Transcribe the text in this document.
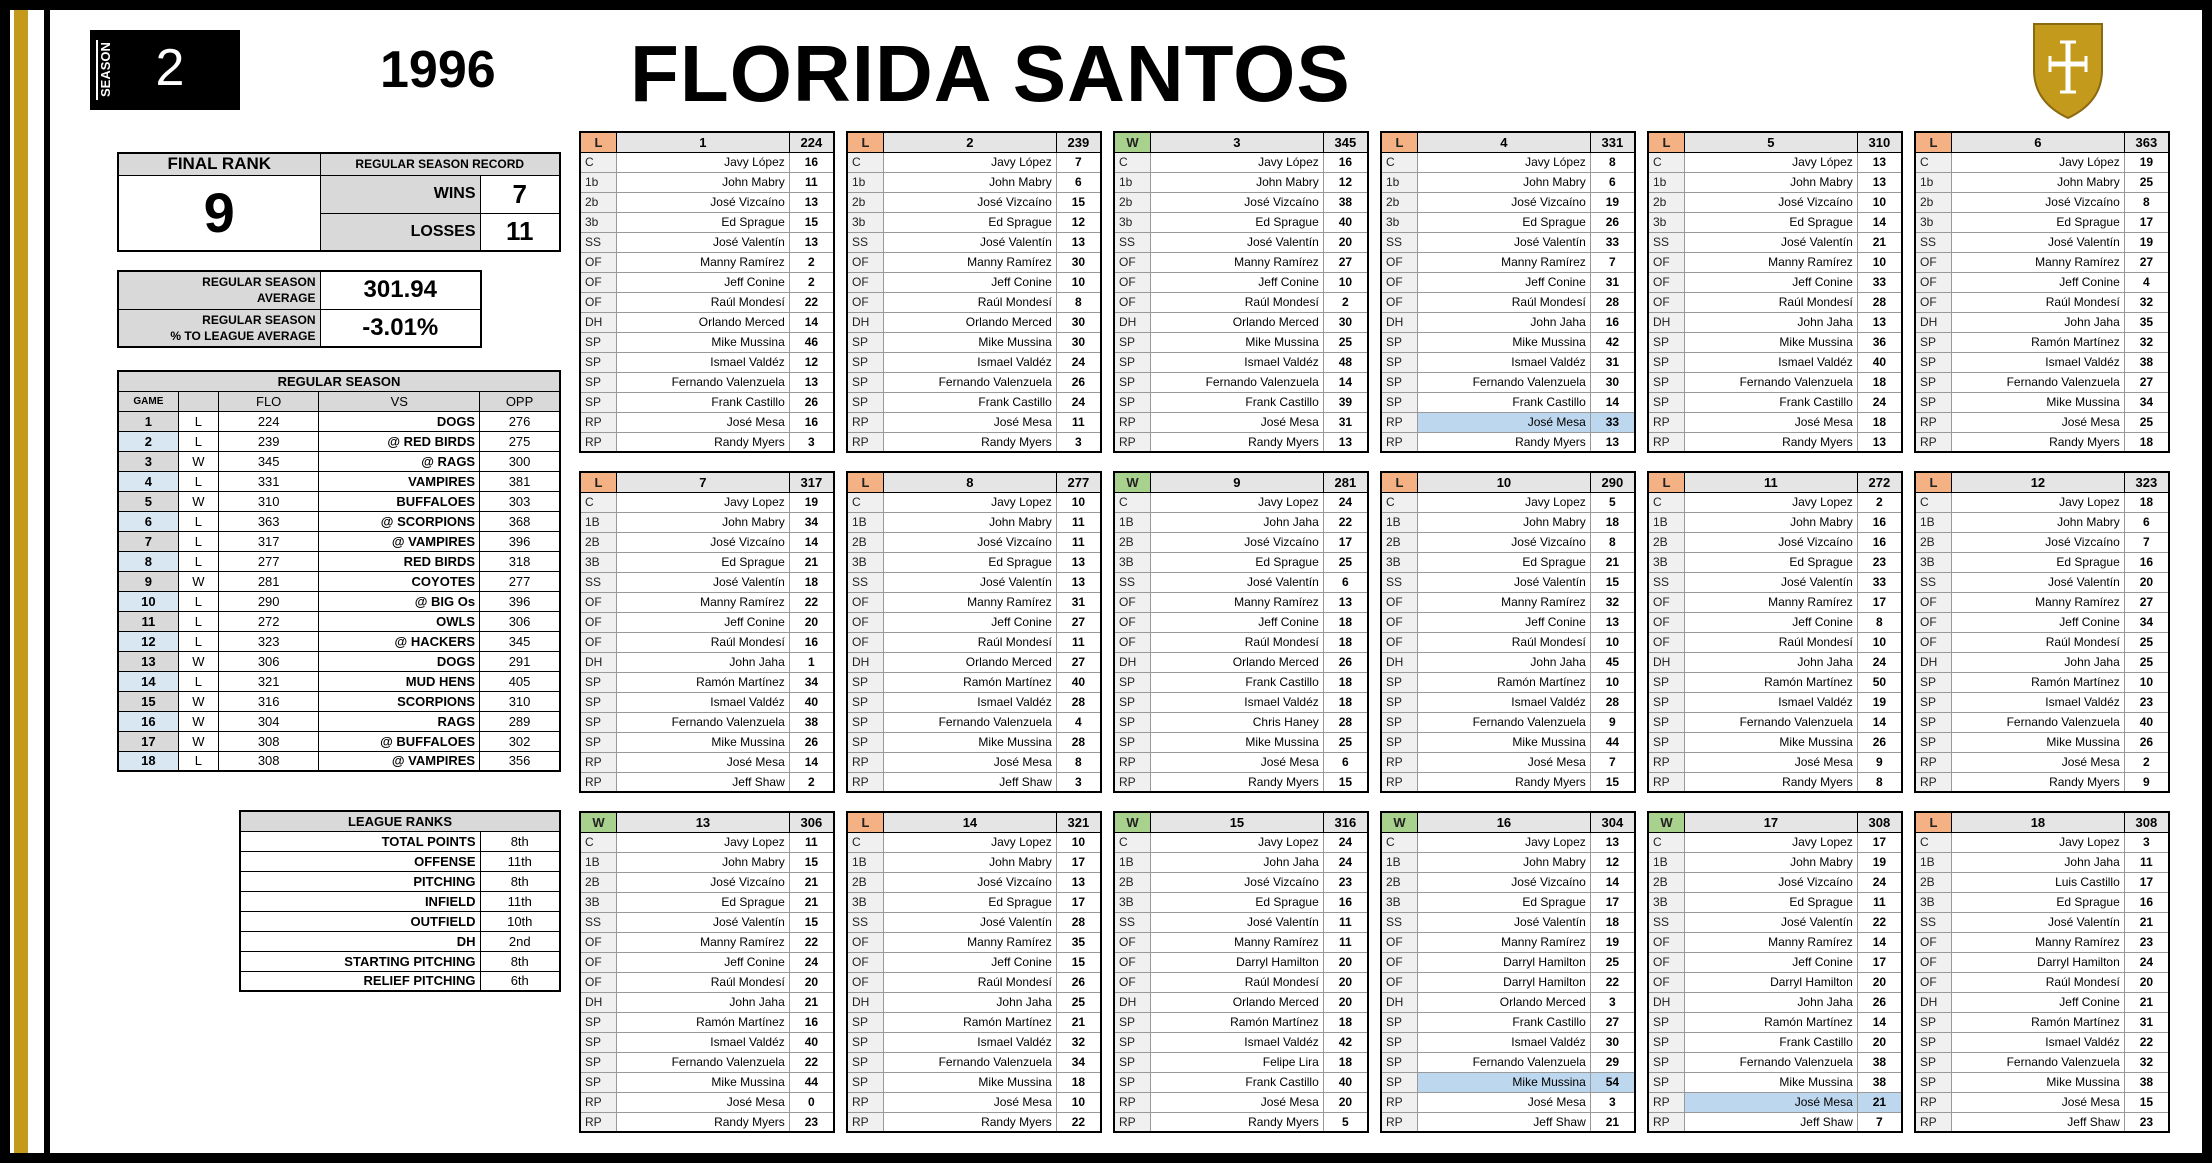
SEASON 2	1996 FLORIDA SANTOS
FINAL RANK	REGULAR SEASON RECORD	
9	WINS	7
	LOSSES	11
REGULAR SEASON
AVERAGE	301.94
REGULAR SEASON
% TO LEAGUE AVERAGE	-3.01%
REGULAR SEASON				
GAME		FLO	VS	OPP
1	L	224	DOGS	276
2	L	239	@ RED BIRDS	275
3	W	345	@ RAGS	300
4	L	331	VAMPIRES	381
5	W	310	BUFFALOES	303
6	L	363	@ SCORPIONS	368
7	L	317	@ VAMPIRES	396
8	L	277	RED BIRDS	318
9	W	281	COYOTES	277
10	L	290	@ BIG Os	396
11	L	272	OWLS	306
12	L	323	@ HACKERS	345
13	W	306	DOGS	291
14	L	321	MUD HENS	405
15	W	316	SCORPIONS	310
16	W	304	RAGS	289
17	W	308	@ BUFFALOES	302
18	L	308	@ VAMPIRES	356
LEAGUE RANKS	
TOTAL POINTS	8th
OFFENSE	11th
PITCHING	8th
INFIELD	11th
OUTFIELD	10th
DH	2nd
STARTING PITCHING	8th
RELIEF PITCHING	6th
L	1	224
C	Javy López	16
1b	John Mabry	11
2b	José Vizcaíno	13
3b	Ed Sprague	15
SS	José Valentín	13
OF	Manny Ramírez	2
OF	Jeff Conine	2
OF	Raúl Mondesí	22
DH	Orlando Merced	14
SP	Mike Mussina	46
SP	Ismael Valdéz	12
SP	Fernando Valenzuela	13
SP	Frank Castillo	26
RP	José Mesa	16
RP	Randy Myers	3
L	2	239
C	Javy López	7
1b	John Mabry	6
2b	José Vizcaíno	15
3b	Ed Sprague	12
SS	José Valentín	13
OF	Manny Ramírez	30
OF	Jeff Conine	10
OF	Raúl Mondesí	8
DH	Orlando Merced	30
SP	Mike Mussina	30
SP	Ismael Valdéz	24
SP	Fernando Valenzuela	26
SP	Frank Castillo	24
RP	José Mesa	11
RP	Randy Myers	3
W	3	345
C	Javy López	16
1b	John Mabry	12
2b	José Vizcaíno	38
3b	Ed Sprague	40
SS	José Valentín	20
OF	Manny Ramírez	27
OF	Jeff Conine	10
OF	Raúl Mondesí	2
DH	Orlando Merced	30
SP	Mike Mussina	25
SP	Ismael Valdéz	48
SP	Fernando Valenzuela	14
SP	Frank Castillo	39
RP	José Mesa	31
RP	Randy Myers	13
L	4	331
C	Javy López	8
1b	John Mabry	6
2b	José Vizcaíno	19
3b	Ed Sprague	26
SS	José Valentín	33
OF	Manny Ramírez	7
OF	Jeff Conine	31
OF	Raúl Mondesí	28
DH	John Jaha	16
SP	Mike Mussina	42
SP	Ismael Valdéz	31
SP	Fernando Valenzuela	30
SP	Frank Castillo	14
RP	José Mesa	33
RP	Randy Myers	13
L	5	310
C	Javy López	13
1b	John Mabry	13
2b	José Vizcaíno	10
3b	Ed Sprague	14
SS	José Valentín	21
OF	Manny Ramírez	10
OF	Jeff Conine	33
OF	Raúl Mondesí	28
DH	John Jaha	13
SP	Mike Mussina	36
SP	Ismael Valdéz	40
SP	Fernando Valenzuela	18
SP	Frank Castillo	24
RP	José Mesa	18
RP	Randy Myers	13
L	6	363
C	Javy López	19
1b	John Mabry	25
2b	José Vizcaíno	8
3b	Ed Sprague	17
SS	José Valentín	19
OF	Manny Ramírez	27
OF	Jeff Conine	4
OF	Raúl Mondesí	32
DH	John Jaha	35
SP	Ramón Martínez	32
SP	Ismael Valdéz	38
SP	Fernando Valenzuela	27
SP	Mike Mussina	34
RP	José Mesa	25
RP	Randy Myers	18
L	7	317
C	Javy Lopez	19
1B	John Mabry	34
2B	José Vizcaíno	14
3B	Ed Sprague	21
SS	José Valentín	18
OF	Manny Ramírez	22
OF	Jeff Conine	20
OF	Raúl Mondesí	16
DH	John Jaha	1
SP	Ramón Martínez	34
SP	Ismael Valdéz	40
SP	Fernando Valenzuela	38
SP	Mike Mussina	26
RP	José Mesa	14
RP	Jeff Shaw	2
L	8	277
C	Javy Lopez	10
1B	John Mabry	11
2B	José Vizcaíno	11
3B	Ed Sprague	13
SS	José Valentín	13
OF	Manny Ramírez	31
OF	Jeff Conine	27
OF	Raúl Mondesí	11
DH	Orlando Merced	27
SP	Ramón Martínez	40
SP	Ismael Valdéz	28
SP	Fernando Valenzuela	4
SP	Mike Mussina	28
RP	José Mesa	8
RP	Jeff Shaw	3
W	9	281
C	Javy Lopez	24
1B	John Jaha	22
2B	José Vizcaíno	17
3B	Ed Sprague	25
SS	José Valentín	6
OF	Manny Ramírez	13
OF	Jeff Conine	18
OF	Raúl Mondesí	18
DH	Orlando Merced	26
SP	Frank Castillo	18
SP	Ismael Valdéz	18
SP	Chris Haney	28
SP	Mike Mussina	25
RP	José Mesa	6
RP	Randy Myers	15
L	10	290
C	Javy Lopez	5
1B	John Mabry	18
2B	José Vizcaíno	8
3B	Ed Sprague	21
SS	José Valentín	15
OF	Manny Ramírez	32
OF	Jeff Conine	13
OF	Raúl Mondesí	10
DH	John Jaha	45
SP	Ramón Martínez	10
SP	Ismael Valdéz	28
SP	Fernando Valenzuela	9
SP	Mike Mussina	44
RP	José Mesa	7
RP	Randy Myers	15
L	11	272
C	Javy Lopez	2
1B	John Mabry	16
2B	José Vizcaíno	16
3B	Ed Sprague	23
SS	José Valentín	33
OF	Manny Ramírez	17
OF	Jeff Conine	8
OF	Raúl Mondesí	10
DH	John Jaha	24
SP	Ramón Martínez	50
SP	Ismael Valdéz	19
SP	Fernando Valenzuela	14
SP	Mike Mussina	26
RP	José Mesa	9
RP	Randy Myers	8
L	12	323
C	Javy Lopez	18
1B	John Mabry	6
2B	José Vizcaíno	7
3B	Ed Sprague	16
SS	José Valentín	20
OF	Manny Ramírez	27
OF	Jeff Conine	34
OF	Raúl Mondesí	25
DH	John Jaha	25
SP	Ramón Martínez	10
SP	Ismael Valdéz	23
SP	Fernando Valenzuela	40
SP	Mike Mussina	26
RP	José Mesa	2
RP	Randy Myers	9
W	13	306
C	Javy Lopez	11
1B	John Mabry	15
2B	José Vizcaíno	21
3B	Ed Sprague	21
SS	José Valentín	15
OF	Manny Ramírez	22
OF	Jeff Conine	24
OF	Raúl Mondesí	20
DH	John Jaha	21
SP	Ramón Martínez	16
SP	Ismael Valdéz	40
SP	Fernando Valenzuela	22
SP	Mike Mussina	44
RP	José Mesa	0
RP	Randy Myers	23
L	14	321
C	Javy Lopez	10
1B	John Mabry	17
2B	José Vizcaíno	13
3B	Ed Sprague	17
SS	José Valentín	28
OF	Manny Ramírez	35
OF	Jeff Conine	15
OF	Raúl Mondesí	26
DH	John Jaha	25
SP	Ramón Martínez	21
SP	Ismael Valdéz	32
SP	Fernando Valenzuela	34
SP	Mike Mussina	18
RP	José Mesa	10
RP	Randy Myers	22
W	15	316
C	Javy Lopez	24
1B	John Jaha	24
2B	José Vizcaíno	23
3B	Ed Sprague	16
SS	José Valentín	11
OF	Manny Ramírez	11
OF	Darryl Hamilton	20
OF	Raúl Mondesí	20
DH	Orlando Merced	20
SP	Ramón Martínez	18
SP	Ismael Valdéz	42
SP	Felipe Lira	18
SP	Frank Castillo	40
RP	José Mesa	20
RP	Randy Myers	5
W	16	304
C	Javy Lopez	13
1B	John Mabry	12
2B	José Vizcaíno	14
3B	Ed Sprague	17
SS	José Valentín	18
OF	Manny Ramírez	19
OF	Darryl Hamilton	25
OF	Darryl Hamilton	22
DH	Orlando Merced	3
SP	Frank Castillo	27
SP	Ismael Valdéz	30
SP	Fernando Valenzuela	29
SP	Mike Mussina	54
RP	José Mesa	3
RP	Jeff Shaw	21
W	17	308
C	Javy Lopez	17
1B	John Mabry	19
2B	José Vizcaíno	24
3B	Ed Sprague	11
SS	José Valentín	22
OF	Manny Ramírez	14
OF	Jeff Conine	17
OF	Darryl Hamilton	20
DH	John Jaha	26
SP	Ramón Martínez	14
SP	Frank Castillo	20
SP	Fernando Valenzuela	38
SP	Mike Mussina	38
RP	José Mesa	21
RP	Jeff Shaw	7
L	18	308
C	Javy Lopez	3
1B	John Jaha	11
2B	Luis Castillo	17
3B	Ed Sprague	16
SS	José Valentín	21
OF	Manny Ramírez	23
OF	Darryl Hamilton	24
OF	Raúl Mondesí	20
DH	Jeff Conine	21
SP	Ramón Martínez	31
SP	Ismael Valdéz	22
SP	Fernando Valenzuela	32
SP	Mike Mussina	38
RP	José Mesa	15
RP	Jeff Shaw	23
